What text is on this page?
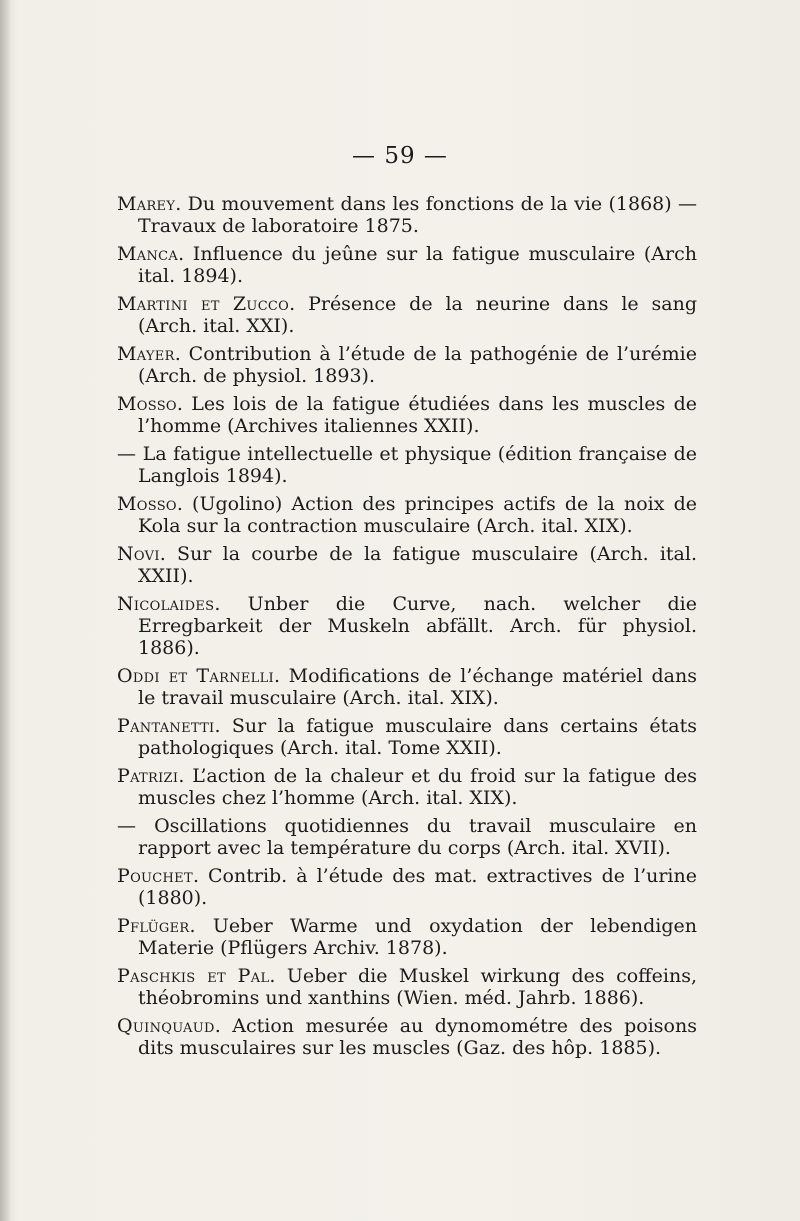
— 59 —

Marey. Du mouvement dans les fonctions de la vie (1868) — Travaux de laboratoire 1875.

Manca. Influence du jeûne sur la fatigue musculaire (Arch ital. 1894).

Martini et Zucco. Présence de la neurine dans le sang (Arch. ital. XXI).

Mayer. Contribution à l’étude de la pathogénie de l’urémie (Arch. de physiol. 1893).

Mosso. Les lois de la fatigue étudiées dans les muscles de l’homme (Archives italiennes XXII).

— La fatigue intellectuelle et physique (édition française de Langlois 1894).

Mosso. (Ugolino) Action des principes actifs de la noix de Kola sur la contraction musculaire (Arch. ital. XIX).

Novi. Sur la courbe de la fatigue musculaire (Arch. ital. XXII).

Nicolaides. Unber die Curve, nach. welcher die Erregbarkeit der Muskeln abfällt. Arch. für physiol. 1886).

Oddi et Tarnelli. Modifications de l’échange matériel dans le travail musculaire (Arch. ital. XIX).

Pantanetti. Sur la fatigue musculaire dans certains états pathologiques (Arch. ital. Tome XXII).

Patrizi. L’action de la chaleur et du froid sur la fatigue des muscles chez l’homme (Arch. ital. XIX).

— Oscillations quotidiennes du travail musculaire en rapport avec la température du corps (Arch. ital. XVII).

Pouchet. Contrib. à l’étude des mat. extractives de l’urine (1880).

Pflüger. Ueber Warme und oxydation der lebendigen Materie (Pflügers Archiv. 1878).

Paschkis et Pal. Ueber die Muskel wirkung des coffeins, théobromins und xanthins (Wien. méd. Jahrb. 1886).

Quinquaud. Action mesurée au dynomométre des poisons dits musculaires sur les muscles (Gaz. des hôp. 1885).
